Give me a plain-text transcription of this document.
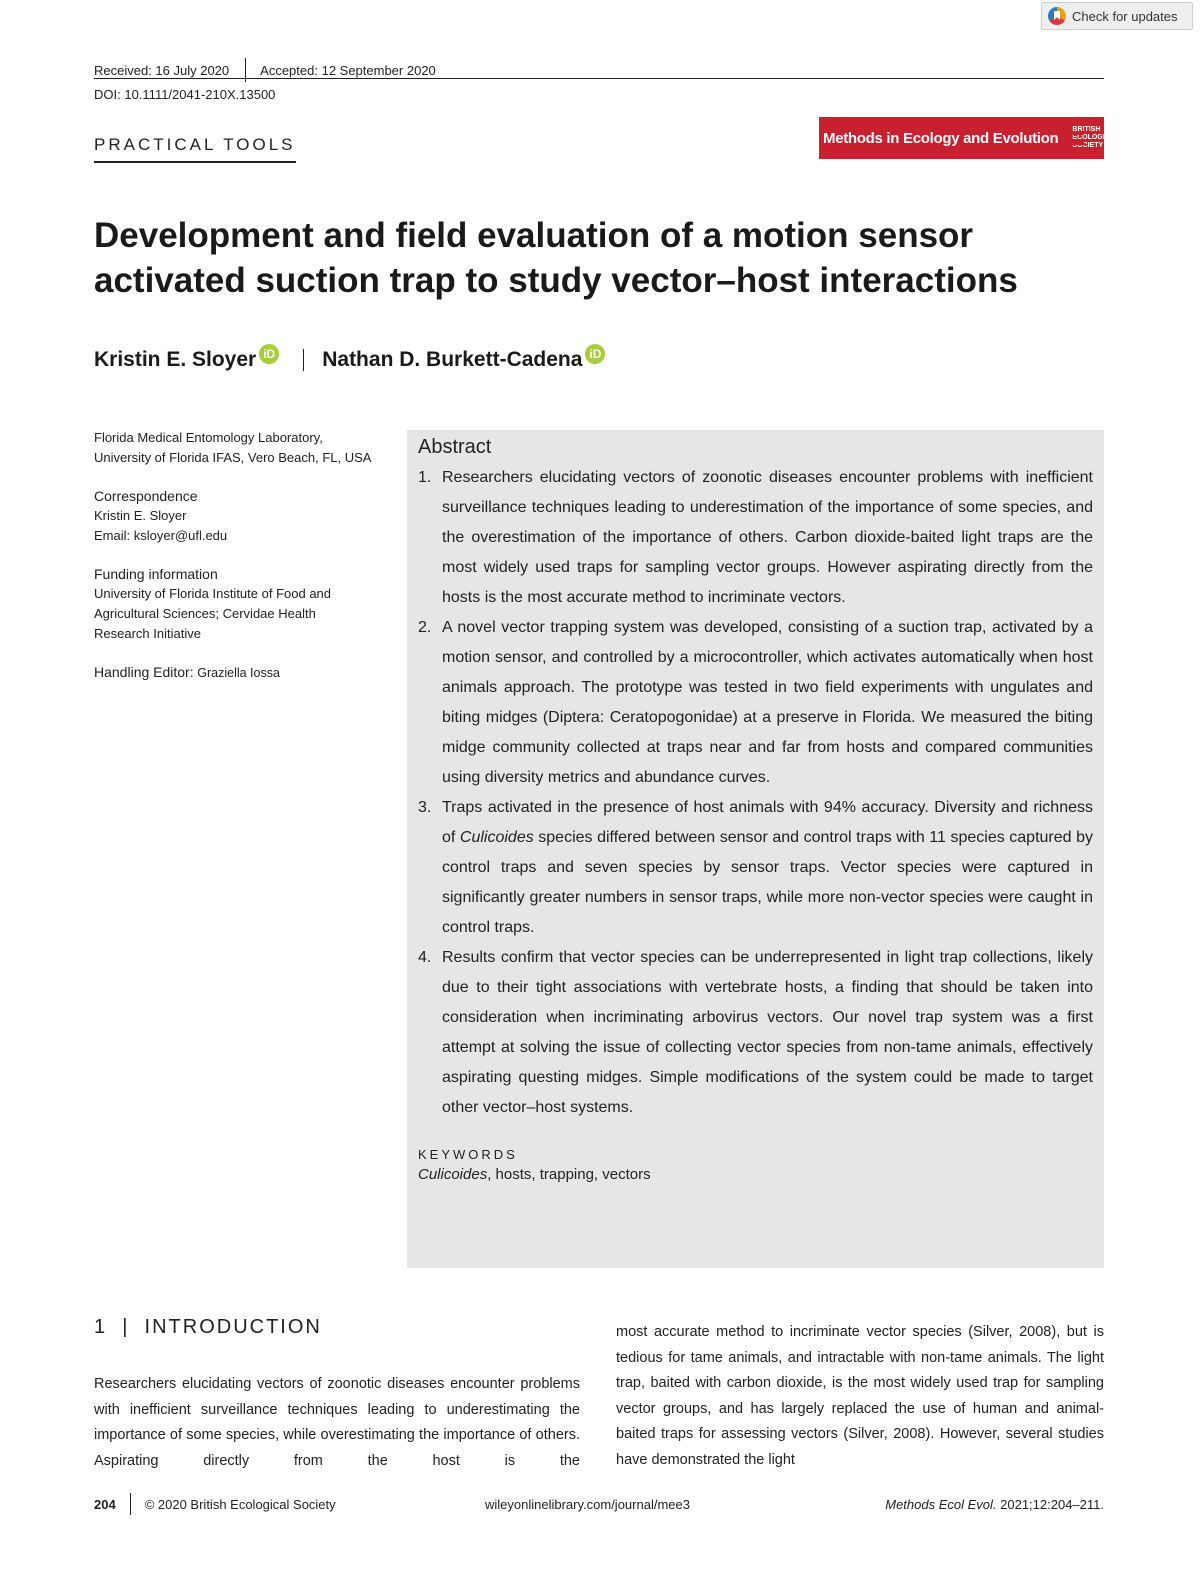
Check for updates
Received: 16 July 2020 Accepted: 12 September 2020
DOI: 10.1111/2041-210X.13500
PRACTICAL TOOLS	Methods in Ecology and Evolution BRITISH
ECOLOGICAL
SOCIETY
Development and field evaluation of a motion sensor activated suction trap to study vector–host interactions
Kristin E. Sloyer iD Nathan D. Burkett-Cadena iD
Florida Medical Entomology Laboratory, University of Florida IFAS, Vero Beach, FL, USA
Correspondence
Kristin E. Sloyer
Email: ksloyer@ufl.edu
Funding information
University of Florida Institute of Food and Agricultural Sciences; Cervidae Health Research Initiative
Handling Editor: Graziella Iossa
Abstract
1. Researchers elucidating vectors of zoonotic diseases encounter problems with inefficient surveillance techniques leading to underestimation of the importance of some species, and the overestimation of the importance of others. Carbon dioxide-baited light traps are the most widely used traps for sampling vector groups. However aspirating directly from the hosts is the most accurate method to incriminate vectors.
2. A novel vector trapping system was developed, consisting of a suction trap, activated by a motion sensor, and controlled by a microcontroller, which activates automatically when host animals approach. The prototype was tested in two field experiments with ungulates and biting midges (Diptera: Ceratopogonidae) at a preserve in Florida. We measured the biting midge community collected at traps near and far from hosts and compared communities using diversity metrics and abundance curves.
3. Traps activated in the presence of host animals with 94% accuracy. Diversity and richness of Culicoides species differed between sensor and control traps with 11 species captured by control traps and seven species by sensor traps. Vector species were captured in significantly greater numbers in sensor traps, while more non-vector species were caught in control traps.
4. Results confirm that vector species can be underrepresented in light trap collections, likely due to their tight associations with vertebrate hosts, a finding that should be taken into consideration when incriminating arbovirus vectors. Our novel trap system was a first attempt at solving the issue of collecting vector species from non-tame animals, effectively aspirating questing midges. Simple modifications of the system could be made to target other vector–host systems.
KEYWORDS
Culicoides, hosts, trapping, vectors
1  |  INTRODUCTION
Researchers elucidating vectors of zoonotic diseases encounter problems with inefficient surveillance techniques leading to underestimating the importance of some species, while overestimating the importance of others. Aspirating directly from the host is the
most accurate method to incriminate vector species (Silver, 2008), but is tedious for tame animals, and intractable with non-tame animals. The light trap, baited with carbon dioxide, is the most widely used trap for sampling vector groups, and has largely replaced the use of human and animal-baited traps for assessing vectors (Silver, 2008). However, several studies have demonstrated the light
204 © 2020 British Ecological Society	wileyonlinelibrary.com/journal/mee3	Methods Ecol Evol. 2021;12:204–211.
